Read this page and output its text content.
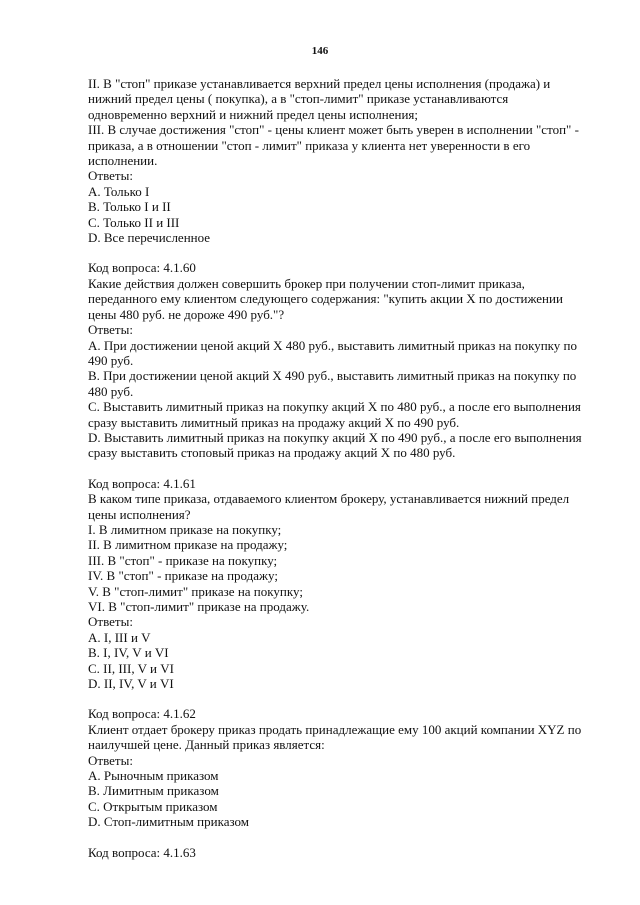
146

II. В "стоп" приказе устанавливается верхний предел цены исполнения (продажа) и нижний предел цены ( покупка), а в "стоп-лимит" приказе устанавливаются одновременно верхний и нижний предел цены исполнения;

III. В случае достижения "стоп" - цены клиент может быть уверен в исполнении "стоп" - приказа, а в отношении "стоп - лимит" приказа у клиента нет уверенности в его исполнении.

Ответы:

A. Только I

B. Только I и II

C. Только II и III

D. Все перечисленное

Код вопроса: 4.1.60

Какие действия должен совершить брокер при получении стоп-лимит приказа, переданного ему клиентом следующего содержания: "купить акции Х по достижении цены 480 руб. не дороже 490 руб."?

Ответы:

A. При достижении ценой акций Х 480 руб., выставить лимитный приказ на покупку по 490 руб.

B. При достижении ценой акций Х 490 руб., выставить лимитный приказ на покупку по 480 руб.

C. Выставить лимитный приказ на покупку акций Х по 480 руб., а после его выполнения сразу выставить лимитный приказ на продажу акций Х по 490 руб.

D. Выставить лимитный приказ на покупку акций Х по 490 руб., а после его выполнения сразу выставить стоповый приказ на продажу акций Х по 480 руб.

Код вопроса: 4.1.61

В каком типе приказа, отдаваемого клиентом брокеру, устанавливается нижний предел цены исполнения?

I. В лимитном приказе на покупку;

II. В лимитном приказе на продажу;

III. В "стоп" - приказе на покупку;

IV. В "стоп" - приказе на продажу;

V. В "стоп-лимит" приказе на покупку;

VI. В "стоп-лимит" приказе на продажу.

Ответы:

A. I, III и V

B. I, IV, V и VI

C. II, III, V и VI

D. II, IV, V и VI

Код вопроса: 4.1.62

Клиент отдает брокеру приказ продать принадлежащие ему 100 акций компании XYZ по наилучшей цене. Данный приказ является:

Ответы:

A. Рыночным приказом

B. Лимитным приказом

C. Открытым приказом

D. Стоп-лимитным приказом

Код вопроса: 4.1.63
